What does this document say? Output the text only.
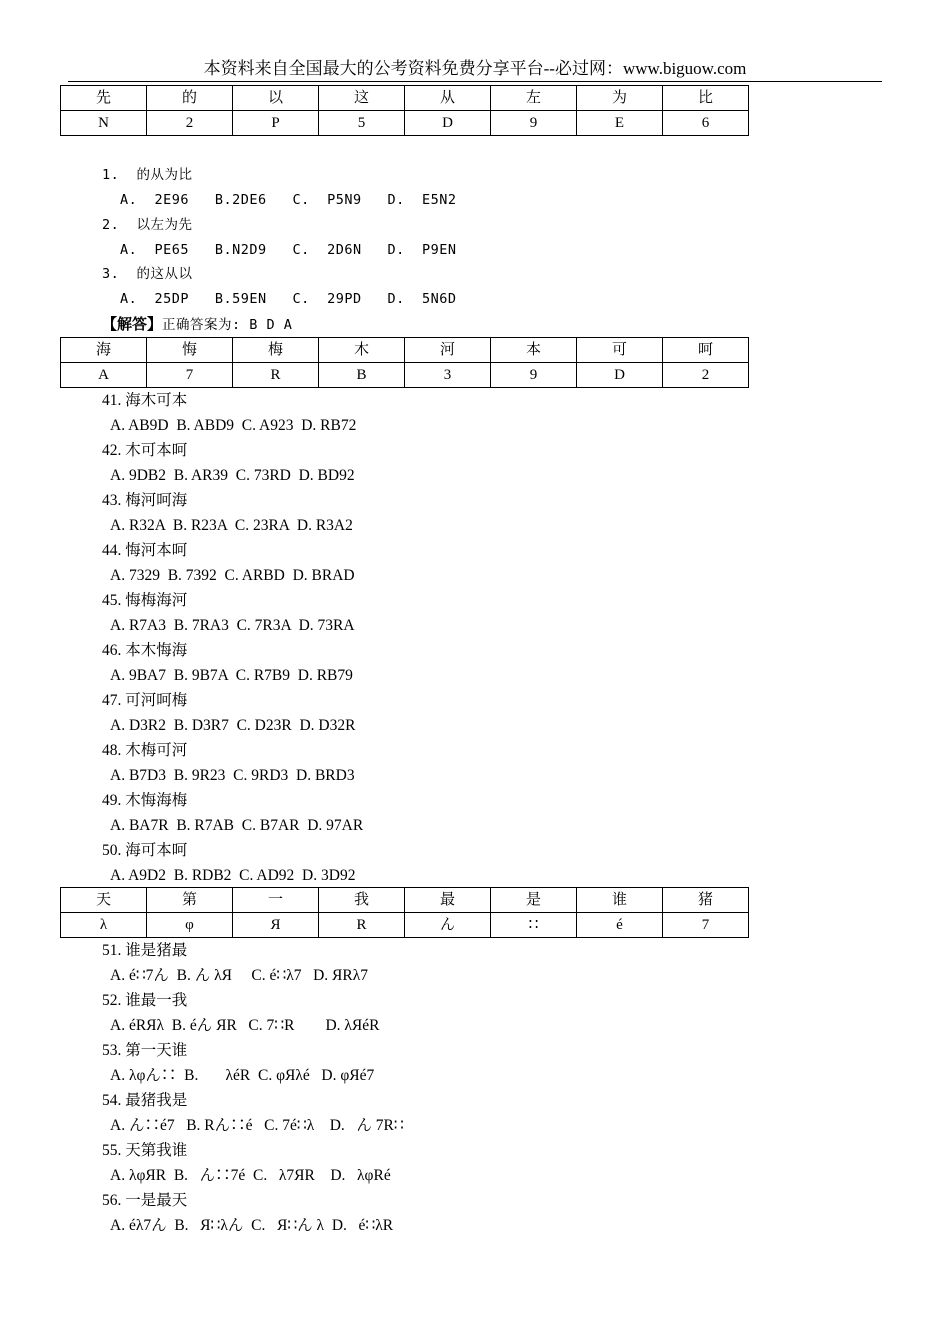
本资料来自全国最大的公考资料免费分享平台--必过网：www.biguow.com
先	的	以	这	从	左	为	比
N	2	P	5	D	9	E	6
1.  的从为比
A.  2E96   B.2DE6   C.  P5N9   D.  E5N2
2.  以左为先
A.  PE65   B.N2D9   C.  2D6N   D.  P9EN
3.  的这从以
A.  25DP   B.59EN   C.  29PD   D.  5N6D
【解答】正确答案为: B D A
海	悔	梅	木	河	本	可	呵
A	7	R	B	3	9	D	2
41. 海木可本
A. AB9D  B. ABD9  C. A923  D. RB72
42. 木可本呵
A. 9DB2  B. AR39  C. 73RD  D. BD92
43. 梅河呵海
A. R32A  B. R23A  C. 23RA  D. R3A2
44. 悔河本呵
A. 7329  B. 7392  C. ARBD  D. BRAD
45. 悔梅海河
A. R7A3  B. 7RA3  C. 7R3A  D. 73RA
46. 本木悔海
A. 9BA7  B. 9B7A  C. R7B9  D. RB79
47. 可河呵梅
A. D3R2  B. D3R7  C. D23R  D. D32R
48. 木梅可河
A. B7D3  B. 9R23  C. 9RD3  D. BRD3
49. 木悔海梅
A. BA7R  B. R7AB  C. B7AR  D. 97AR
50. 海可本呵
A. A9D2  B. RDB2  C. AD92  D. 3D92
天	第	一	我	最	是	谁	猪
λ	φ	Я	R	ん	∷	é	7
51. 谁是猪最
A. é∷7ん  B. ん λЯ     C. é∷λ7   D. ЯRλ7
52. 谁最一我
A. éRЯλ  B. éん ЯR   C. 7∷R        D. λЯéR
53. 第一天谁
A. λφん∷  B.       λéR  C. φЯλé   D. φЯé7
54. 最猪我是
A. ん∷é7   B. Rん∷é   C. 7é∷λ    D.   ん 7R∷
55. 天第我谁
A. λφЯR  B.   ん∷7é  C.   λ7ЯR    D.   λφRé
56. 一是最天
A. éλ7ん  B.   Я∷λん  C.   Я∷ん λ  D.   é∷λR
